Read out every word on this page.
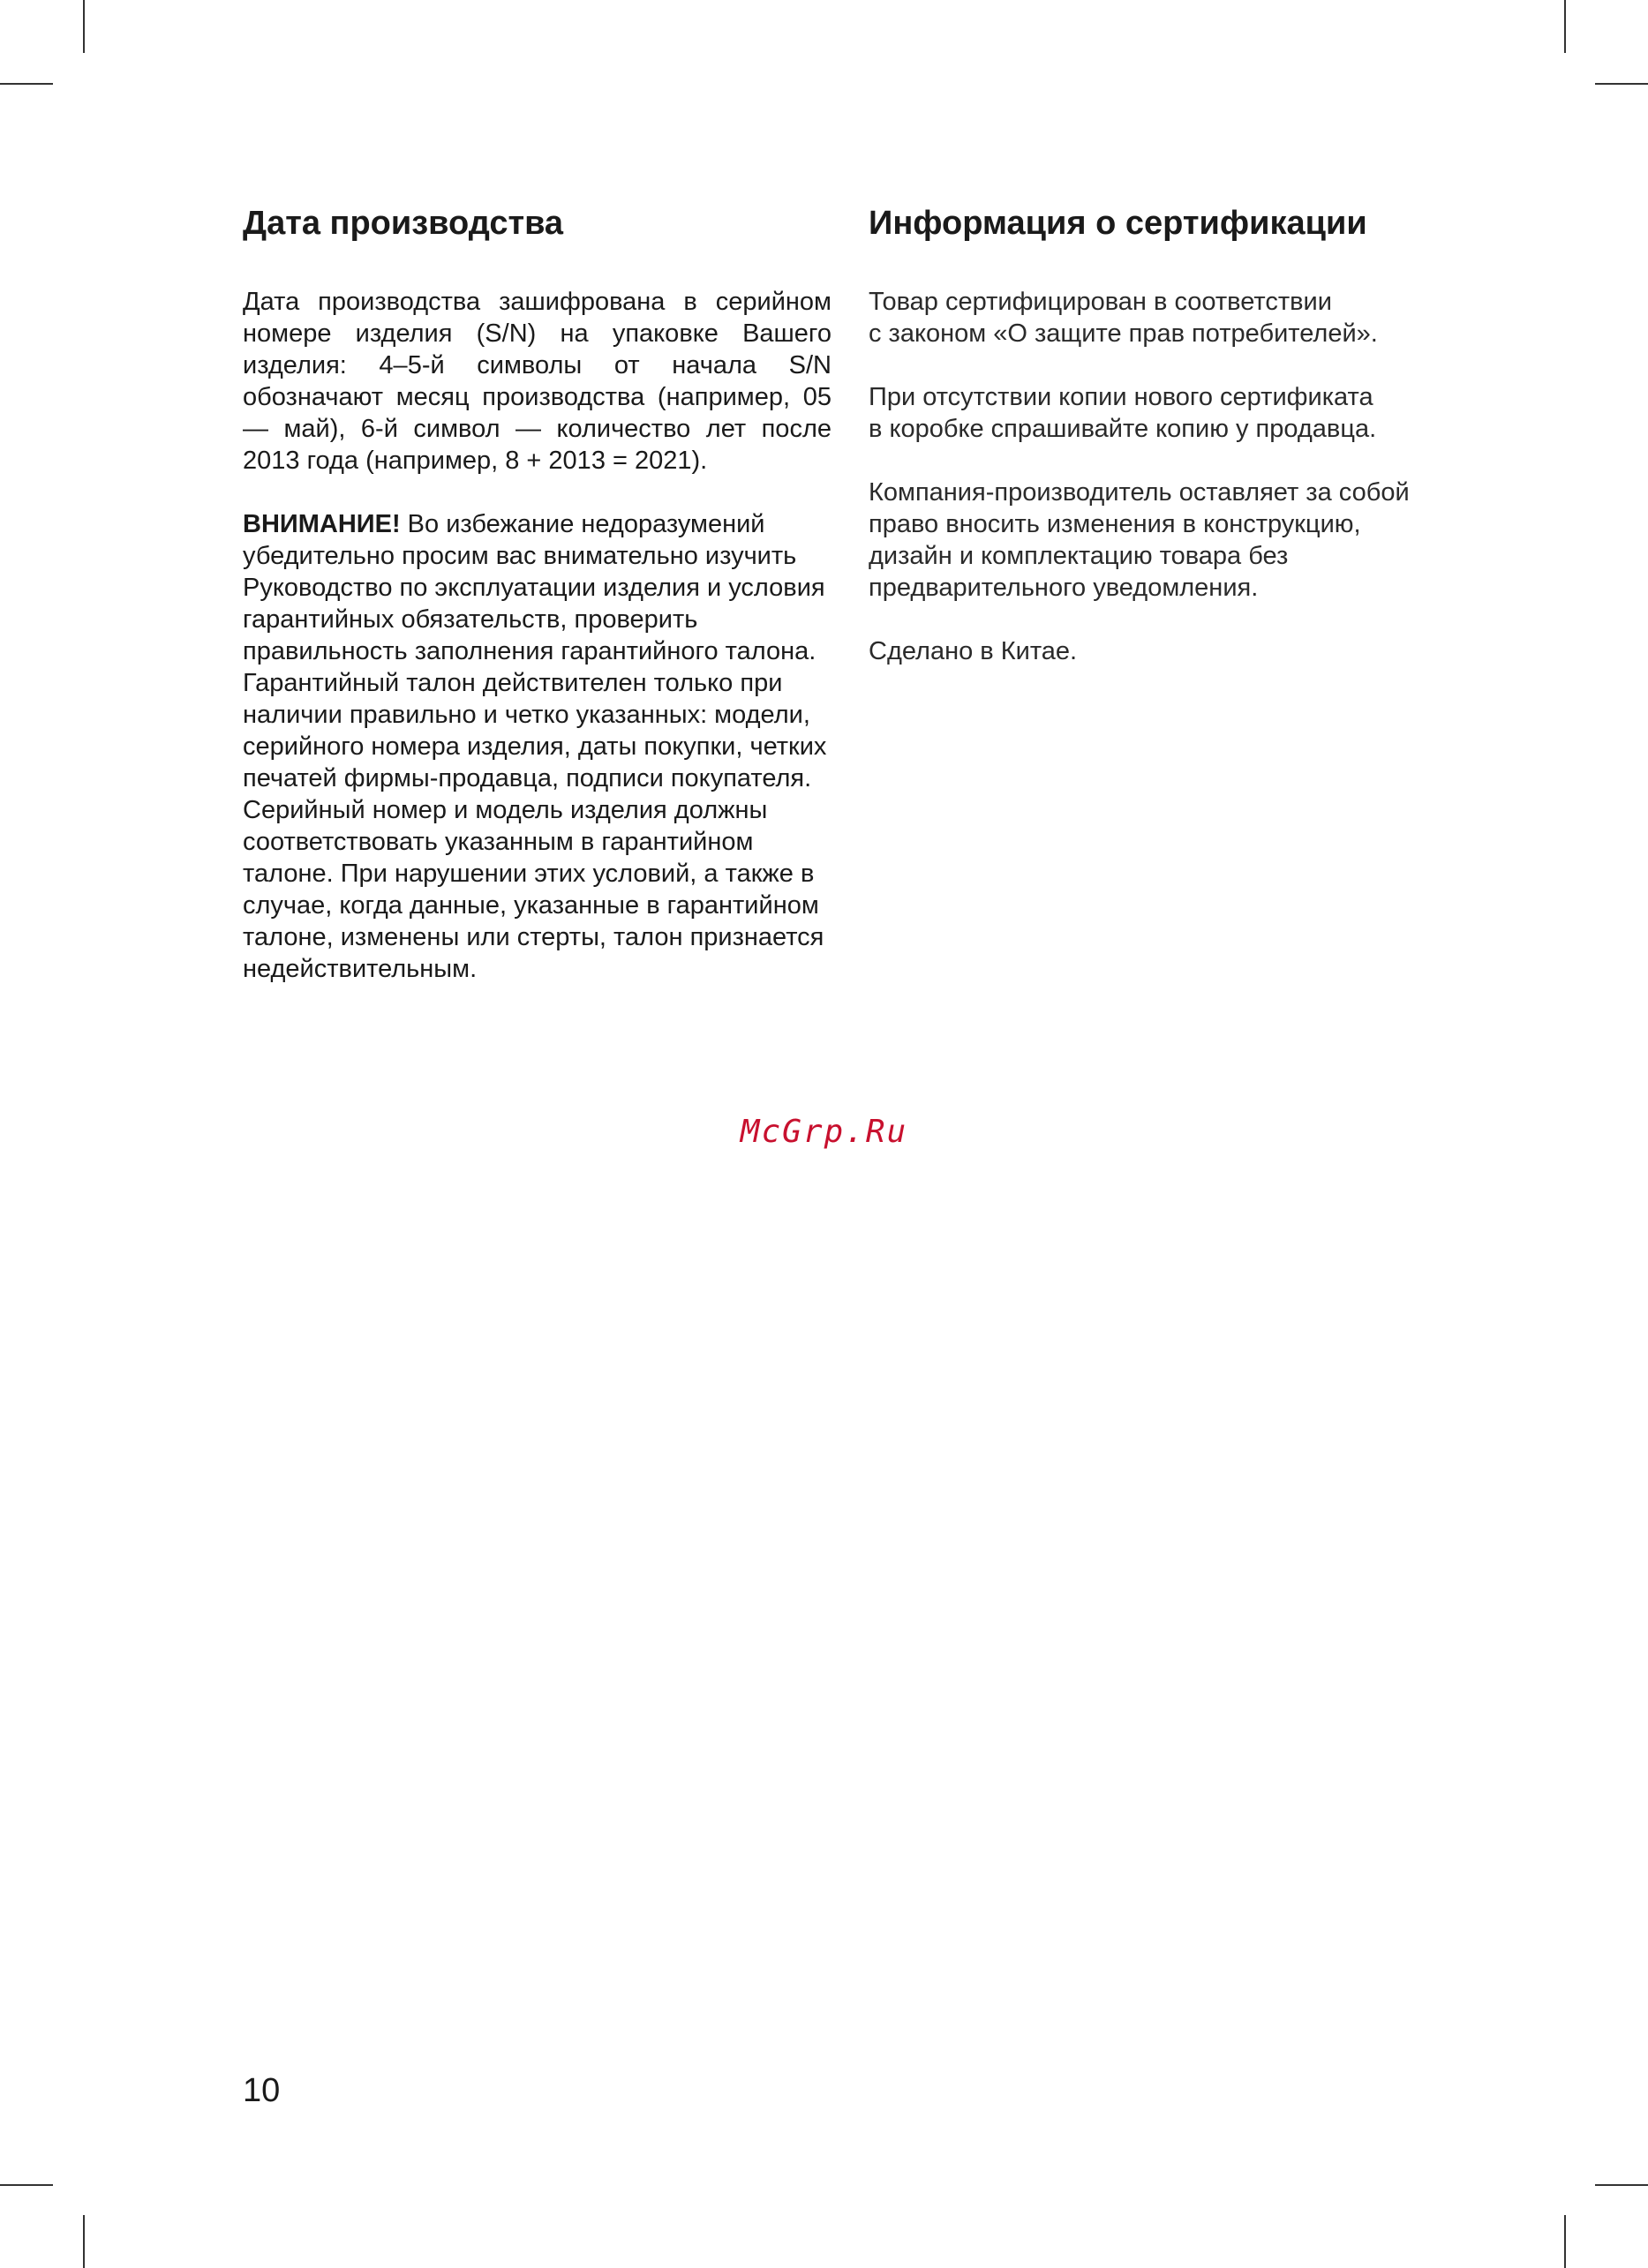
Дата производства

Дата производства зашифрована в серийном номере изделия (S/N) на упаковке Вашего изделия: 4–5-й символы от начала S/N обозначают месяц производства (например, 05 — май), 6-й символ — количество лет после 2013 года (например, 8 + 2013 = 2021).

ВНИМАНИЕ! Во избежание недоразумений убедительно просим вас внимательно изучить Руководство по эксплуатации изделия и условия гарантийных обязательств, проверить правильность заполнения гарантийного талона. Гарантийный талон действителен только при наличии правильно и четко указанных: модели, серийного номера изделия, даты покупки, четких печатей фирмы-продавца, подписи покупателя. Серийный номер и модель изделия должны соответствовать указанным в гарантийном талоне. При нарушении этих условий, а также в случае, когда данные, указанные в гарантийном талоне, изменены или стерты, талон признается недействительным.

Информация о сертификации

Товар сертифицирован в соответствии
с законом «О защите прав потребителей».

При отсутствии копии нового сертификата
в коробке спрашивайте копию у продавца.

Компания-производитель оставляет за собой право вносить изменения в конструкцию, дизайн и комплектацию товара без предварительного уведомления.

Сделано в Китае.

McGrp.Ru
10
